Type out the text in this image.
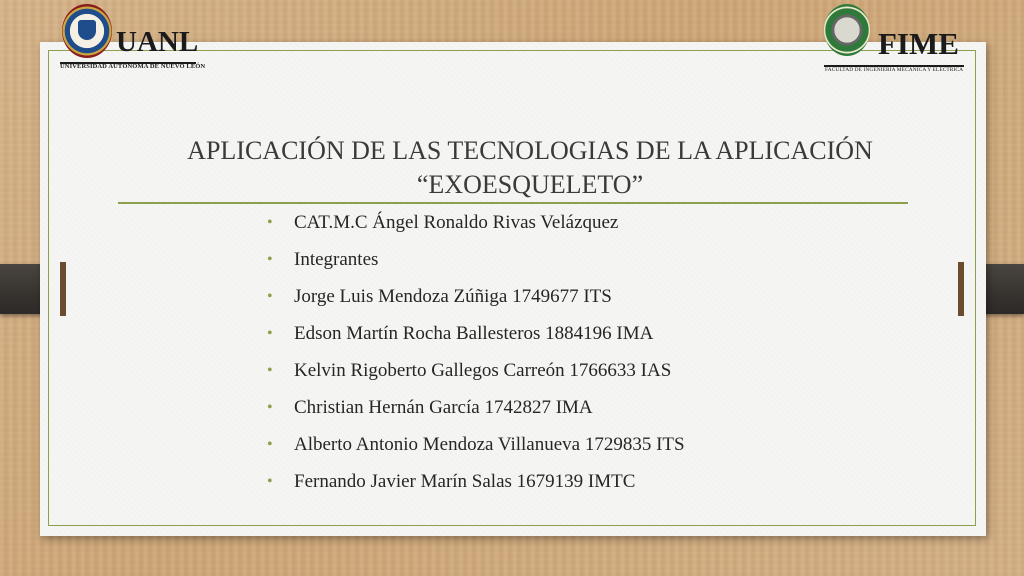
APLICACIÓN DE LAS TECNOLOGIAS DE LA APLICACIÓN
“EXOESQUELETO”
UANL
UNIVERSIDAD AUTÓNOMA DE NUEVO LEÓN
FIME
FACULTAD DE INGENIERÍA MECÁNICA Y ELÉCTRICA
• CAT.M.C Ángel Ronaldo Rivas Velázquez
• Integrantes
• Jorge Luis Mendoza Zúñiga 1749677 ITS
• Edson Martín Rocha Ballesteros 1884196 IMA
• Kelvin Rigoberto Gallegos Carreón 1766633 IAS
• Christian Hernán García 1742827 IMA
• Alberto Antonio Mendoza Villanueva 1729835 ITS
• Fernando Javier Marín Salas 1679139 IMTC
